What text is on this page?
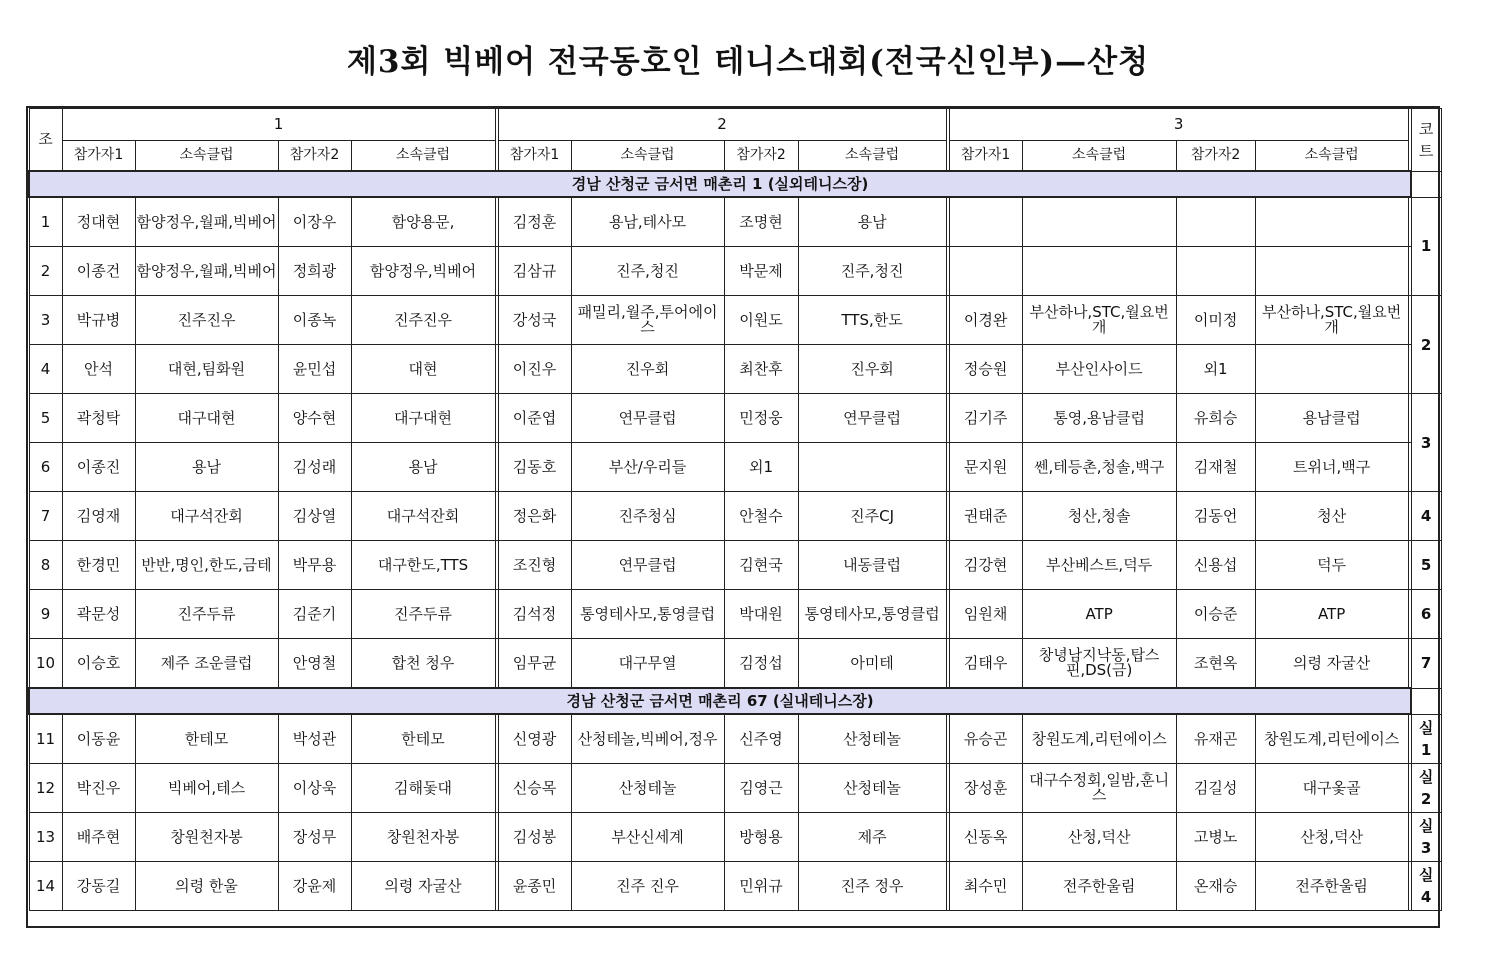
제3회 빅베어 전국동호인 테니스대회(전국신인부)—산청
조	1					2					3					코트
	참가자1	소속클럽	참가자2	소속클럽		참가자1	소속클럽	참가자2	소속클럽		참가자1	소속클럽	참가자2	소속클럽		
경남 산청군 금서면 매촌리 1 (실외테니스장)																
1	정대현	함양정우,월패,빅베어	이장우	함양용문,		김정훈	용남,테사모	조명현	용남							1
2	이종건	함양정우,월패,빅베어	정희광	함양정우,빅베어		김삼규	진주,청진	박문제	진주,청진							
3	박규병	진주진우	이종녹	진주진우		강성국	패밀리,월주,투어에이스	이원도	TTS,한도		이경완	부산하나,STC,월요번개	이미정	부산하나,STC,월요번개		2
4	안석	대현,팀화원	윤민섭	대현		이진우	진우회	최찬후	진우회		정승원	부산인사이드	외1			
5	곽청탁	대구대현	양수현	대구대현		이준엽	연무클럽	민정웅	연무클럽		김기주	통영,용남클럽	유희승	용남클럽		3
6	이종진	용남	김성래	용남		김동호	부산/우리들	외1			문지원	쎈,테등촌,청솔,백구	김재철	트위너,백구		
7	김영재	대구석잔회	김상열	대구석잔회		정은화	진주청심	안철수	진주CJ		권태준	청산,청솔	김동언	청산		4
8	한경민	반반,명인,한도,금테	박무용	대구한도,TTS		조진형	연무클럽	김현국	내동클럽		김강현	부산베스트,덕두	신용섭	덕두		5
9	곽문성	진주두류	김준기	진주두류		김석정	통영테사모,통영클럽	박대원	통영테사모,통영클럽		임원채	ATP	이승준	ATP		6
10	이승호	제주 조운클럽	안영철	합천 청우		임무균	대구무열	김정섭	아미테		김태우	창녕남지낙동,탑스핀,DS(금)	조현옥	의령 자굴산		7
경남 산청군 금서면 매촌리 67 (실내테니스장)																
11	이동윤	한테모	박성관	한테모		신영광	산청테놀,빅베어,정우	신주영	산청테놀		유승곤	창원도계,리턴에이스	유재곤	창원도계,리턴에이스		실1
12	박진우	빅베어,테스	이상욱	김해돛대		신승목	산청테놀	김영근	산청테놀		장성훈	대구수정회,일밤,훈니스	김길성	대구옻골		실2
13	배주현	창원천자봉	장성무	창원천자봉		김성봉	부산신세계	방형용	제주		신동옥	산청,덕산	고병노	산청,덕산		실3
14	강동길	의령 한울	강윤제	의령 자굴산		윤종민	진주 진우	민위규	진주 정우		최수민	전주한울림	온재승	전주한울림		실4
